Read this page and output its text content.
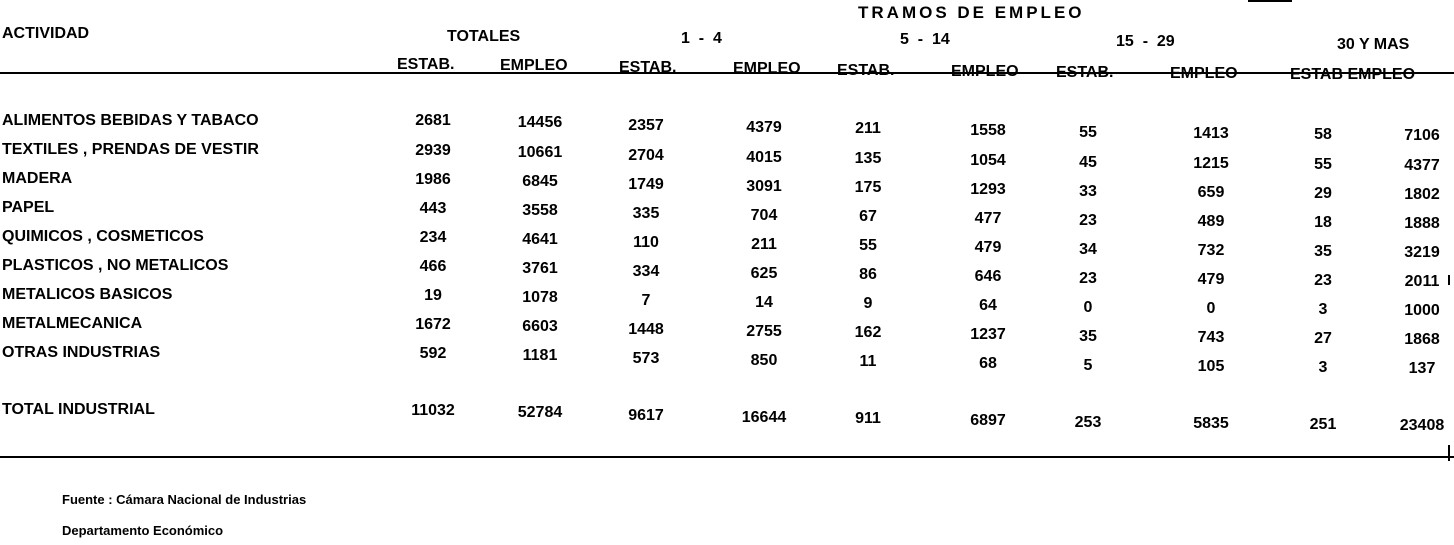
TRAMOS DE EMPLEO
ACTIVIDAD	TOTALES	1  -  4	5  -  14	15  -  29	30 Y MAS
ESTAB.	EMPLEO	ESTAB.	EMPLEO ESTAB.	EMPLEO ESTAB.	EMPLEO	ESTAB EMPLEO
ALIMENTOS BEBIDAS Y TABACO	2681	14456	2357	4379	211	1558	55	1413	58	7106
TEXTILES , PRENDAS DE VESTIR	2939	10661	2704	4015	135	1054	45	1215	55	4377
MADERA	1986	6845	1749	3091	175	1293	33	659	29	1802
PAPEL	443	3558	335	704	67	477	23	489	18	1888
QUIMICOS , COSMETICOS	234	4641	110	211	55	479	34	732	35	3219
PLASTICOS , NO METALICOS	466	3761	334	625	86	646	23	479	23	2011
METALICOS BASICOS	19	1078	7	14	9	64	0	0	3	1000
METALMECANICA	1672	6603	1448	2755	162	1237	35	743	27	1868
OTRAS INDUSTRIAS	592	1181	573	850	11	68	5	105	3	137
TOTAL INDUSTRIAL	11032	52784	9617	16644	911	6897	253	5835	251	23408
Fuente : Cámara Nacional de Industrias
Departamento Económico
